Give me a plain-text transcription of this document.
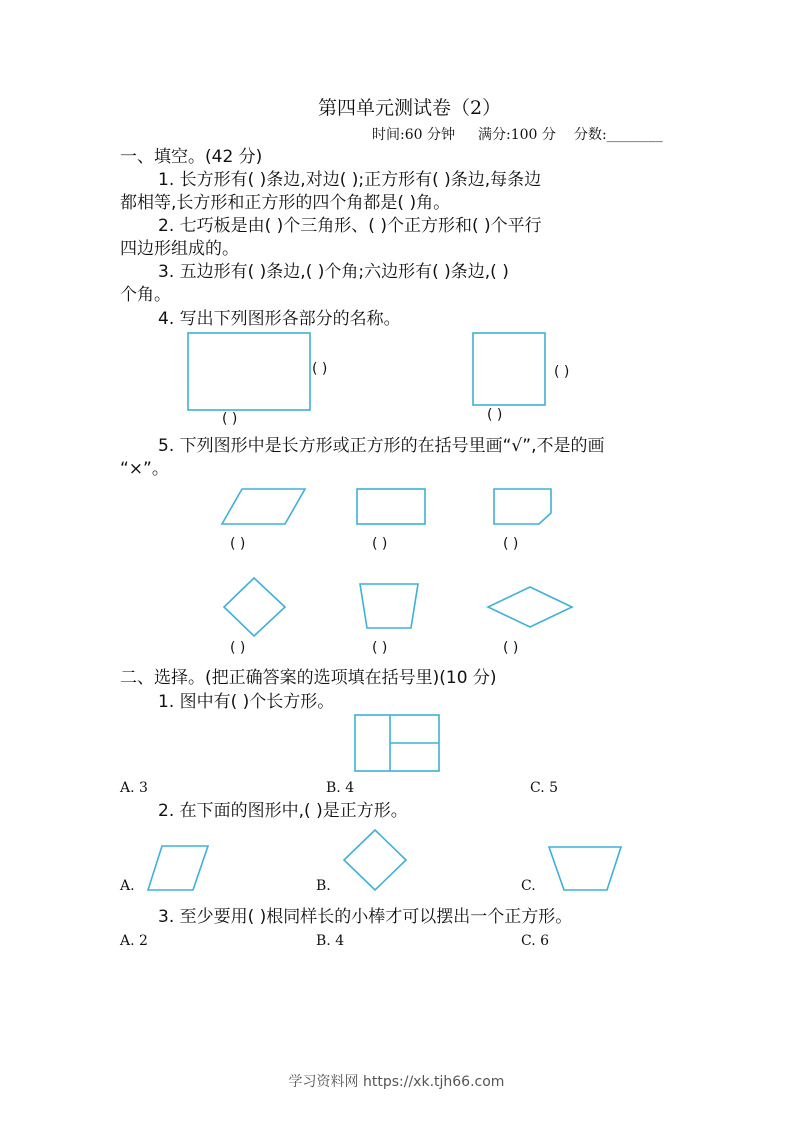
第四单元测试卷（2）
时间:60 分钟 满分:100 分 分数:________
一、填空。(42 分)
1. 长方形有( )条边,对边( );正方形有( )条边,每条边
都相等,长方形和正方形的四个角都是( )角。
2. 七巧板是由( )个三角形、( )个正方形和( )个平行
四边形组成的。
3. 五边形有( )条边,( )个角;六边形有( )条边,( )
个角。
4. 写出下列图形各部分的名称。
( )
( )
( )
( )
5. 下列图形中是长方形或正方形的在括号里画“√”,不是的画
“×”。
( )	( )	( )
( )	( )	( )
二、选择。(把正确答案的选项填在括号里)(10 分)
1. 图中有( )个长方形。
A. 3	B. 4	C. 5
2. 在下面的图形中,( )是正方形。
A.	B.	C.
3. 至少要用( )根同样长的小棒才可以摆出一个正方形。
A. 2	B. 4	C. 6
学习资料网 https://xk.tjh66.com
